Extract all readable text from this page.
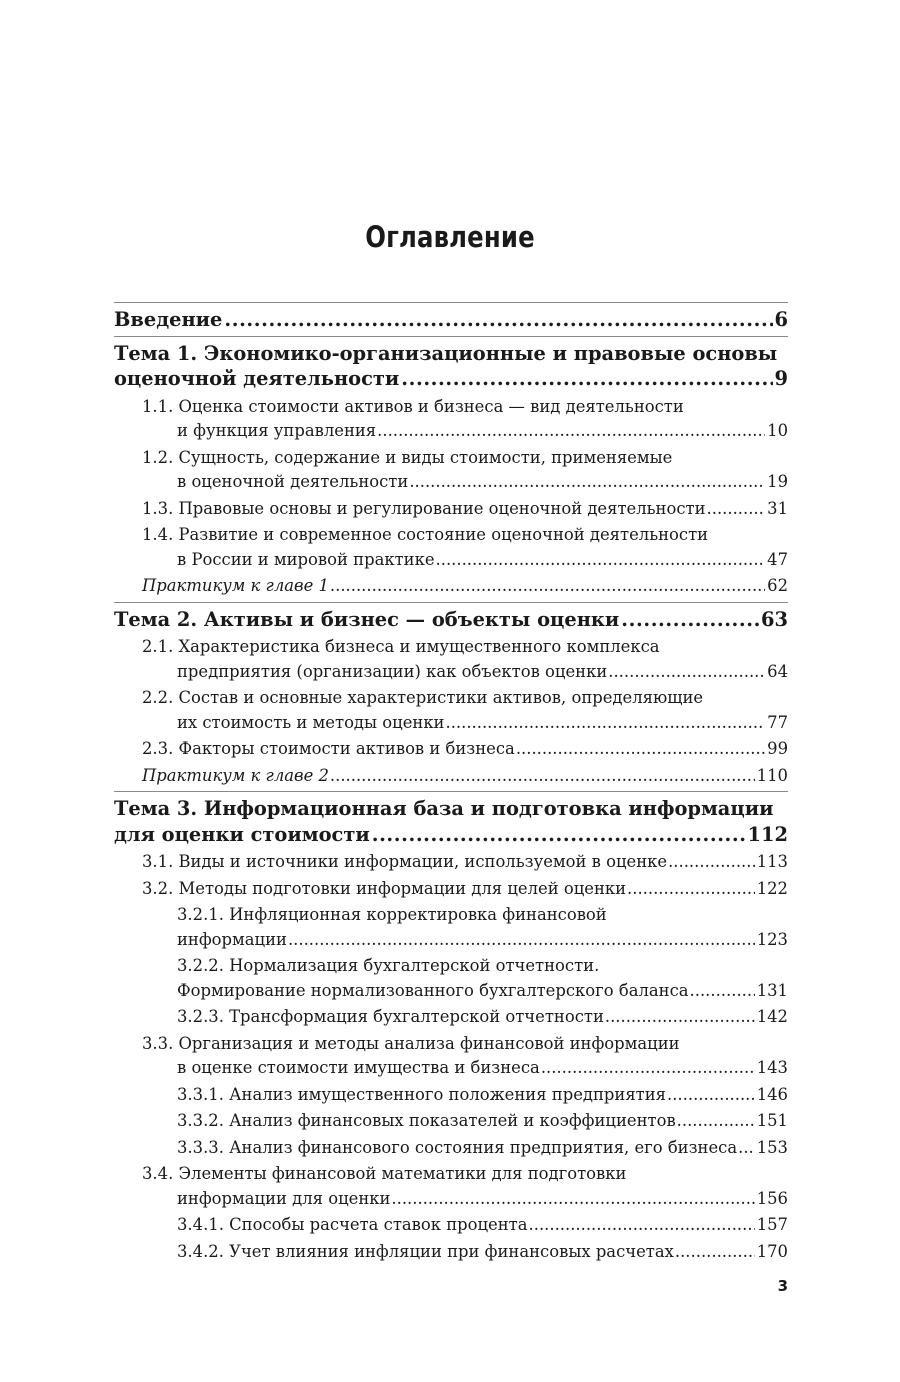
Оглавление
Введение .....	6
Тема 1. Экономико-организационные и правовые основы
оценочной деятельности .....	9
1.1. Оценка стоимости активов и бизнеса — вид деятельности
и функция управления .....	10
1.2. Сущность, содержание и виды стоимости, применяемые
в оценочной деятельности .....	19
1.3. Правовые основы и регулирование оценочной деятельности .....	31
1.4. Развитие и современное состояние оценочной деятельности
в России и мировой практике .....	47
Практикум к главе 1 .....	62
Тема 2. Активы и бизнес — объекты оценки .....	63
2.1. Характеристика бизнеса и имущественного комплекса
предприятия (организации) как объектов оценки .....	64
2.2. Состав и основные характеристики активов, определяющие
их стоимость и методы оценки .....	77
2.3. Факторы стоимости активов и бизнеса .....	99
Практикум к главе 2 .....	110
Тема 3. Информационная база и подготовка информации
для оценки стоимости .....	112
3.1. Виды и источники информации, используемой в оценке .....	113
3.2. Методы подготовки информации для целей оценки .....	122
3.2.1. Инфляционная корректировка финансовой
информации .....	123
3.2.2. Нормализация бухгалтерской отчетности.
Формирование нормализованного бухгалтерского баланса .....	131
3.2.3. Трансформация бухгалтерской отчетности .....	142
3.3. Организация и методы анализа финансовой информации
в оценке стоимости имущества и бизнеса .....	143
3.3.1. Анализ имущественного положения предприятия .....	146
3.3.2. Анализ финансовых показателей и коэффициентов .....	151
3.3.3. Анализ финансового состояния предприятия, его бизнеса ..... 153
3.4. Элементы финансовой математики для подготовки
информации для оценки .....	156
3.4.1. Способы расчета ставок процента .....	157
3.4.2. Учет влияния инфляции при финансовых расчетах .....	170
3
